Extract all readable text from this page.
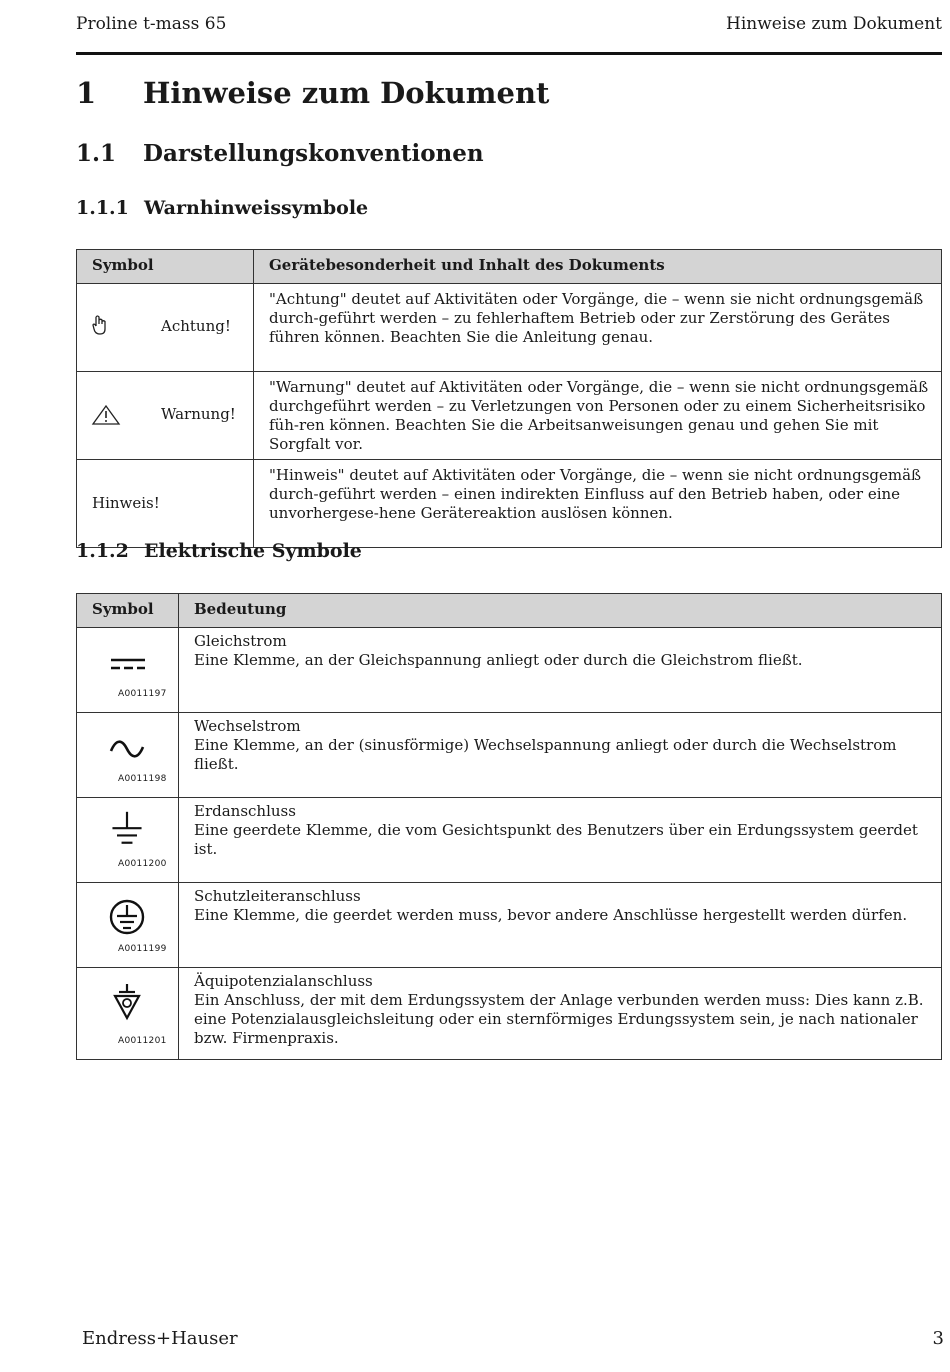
Proline t-mass 65	Hinweise zum Dokument
1 Hinweise zum Dokument
1.1 Darstellungskonventionen
1.1.1 Warnhinweissymbole
Symbol	Gerätebesonderheit und Inhalt des Dokuments

Achtung!	"Achtung" deutet auf Aktivitäten oder Vorgänge, die – wenn sie nicht ordnungsgemäß durch-geführt werden – zu fehlerhaftem Betrieb oder zur Zerstörung des Gerätes führen können. Beachten Sie die Anleitung genau.

Warnung!	"Warnung" deutet auf Aktivitäten oder Vorgänge, die – wenn sie nicht ordnungsgemäß durchgeführt werden – zu Verletzungen von Personen oder zu einem Sicherheitsrisiko füh-ren können. Beachten Sie die Arbeitsanweisungen genau und gehen Sie mit Sorgfalt vor.

Hinweis!	"Hinweis" deutet auf Aktivitäten oder Vorgänge, die – wenn sie nicht ordnungsgemäß durch-geführt werden – einen indirekten Einfluss auf den Betrieb haben, oder eine unvorhergese-hene Gerätereaktion auslösen können.
1.1.2 Elektrische Symbole
Symbol	Bedeutung

A0011197	Gleichstrom
Eine Klemme, an der Gleichspannung anliegt oder durch die Gleichstrom fließt.

A0011198	Wechselstrom
Eine Klemme, an der (sinusförmige) Wechselspannung anliegt oder durch die Wechselstrom fließt.

A0011200	Erdanschluss
Eine geerdete Klemme, die vom Gesichtspunkt des Benutzers über ein Erdungssystem geerdet ist.

A0011199	Schutzleiteranschluss
Eine Klemme, die geerdet werden muss, bevor andere Anschlüsse hergestellt werden dürfen.

A0011201	Äquipotenzialanschluss
Ein Anschluss, der mit dem Erdungssystem der Anlage verbunden werden muss: Dies kann z.B. eine Potenzialausgleichsleitung oder ein sternförmiges Erdungssystem sein, je nach nationaler bzw. Firmenpraxis.
Endress+Hauser	3
